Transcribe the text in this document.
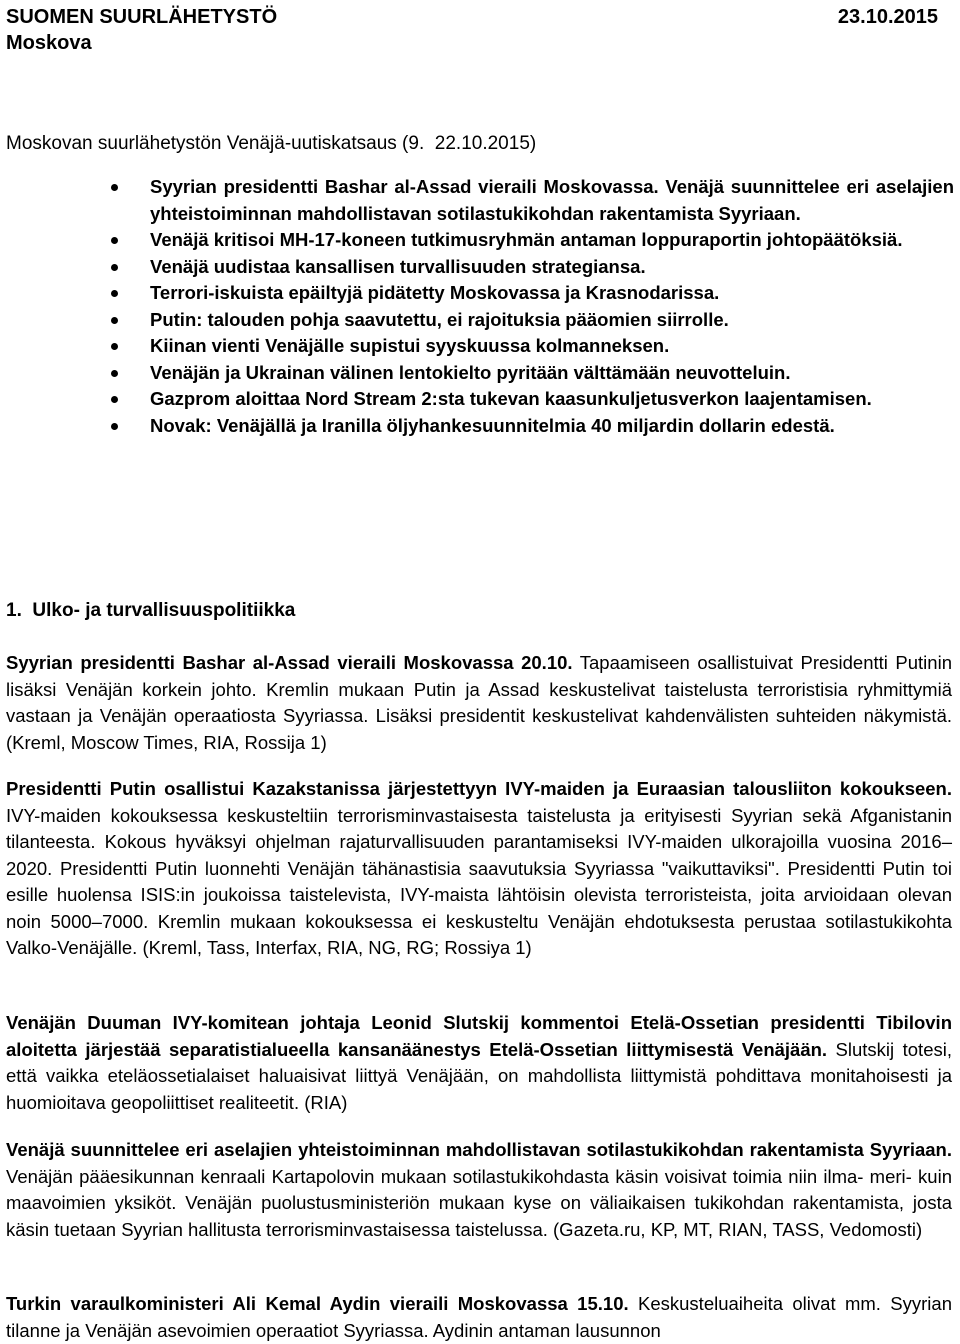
SUOMEN SUURLÄHETYSTÖ
Moskova
23.10.2015
Moskovan suurlähetystön Venäjä-uutiskatsaus (9.  22.10.2015)
Syyrian presidentti Bashar al-Assad vieraili Moskovassa. Venäjä suunnittelee eri aselajien yhteistoiminnan mahdollistavan sotilastukikohdan rakentamista Syyriaan.
Venäjä kritisoi MH-17-koneen tutkimusryhmän antaman loppuraportin johtopäätöksiä.
Venäjä uudistaa kansallisen turvallisuuden strategiansa.
Terrori-iskuista epäiltyjä pidätetty Moskovassa ja Krasnodarissa.
Putin: talouden pohja saavutettu, ei rajoituksia pääomien siirrolle.
Kiinan vienti Venäjälle supistui syyskuussa kolmanneksen.
Venäjän ja Ukrainan välinen lentokielto pyritään välttämään neuvotteluin.
Gazprom aloittaa Nord Stream 2:sta tukevan kaasunkuljetusverkon laajentamisen.
Novak: Venäjällä ja Iranilla öljyhankesuunnitelmia 40 miljardin dollarin edestä.
1. Ulko- ja turvallisuuspolitiikka

Syyrian presidentti Bashar al-Assad vieraili Moskovassa 20.10. Tapaamiseen osallistuivat Presidentti Putinin lisäksi Venäjän korkein johto. Kremlin mukaan Putin ja Assad keskustelivat taistelusta terroristisia ryhmittymiä vastaan ja Venäjän operaatiosta Syyriassa. Lisäksi presidentit keskustelivat kahdenvälisten suhteiden näkymistä. (Kreml, Moscow Times, RIA, Rossija 1)

Presidentti Putin osallistui Kazakstanissa järjestettyyn IVY-maiden ja Euraasian talousliiton kokoukseen. IVY-maiden kokouksessa keskusteltiin terrorisminvastaisesta taistelusta ja erityisesti Syyrian sekä Afganistanin tilanteesta. Kokous hyväksyi ohjelman rajaturvallisuuden parantamiseksi IVY-maiden ulkorajoilla vuosina 2016–2020. Presidentti Putin luonnehti Venäjän tähänastisia saavutuksia Syyriassa "vaikuttaviksi". Presidentti Putin toi esille huolensa ISIS:in joukoissa taistelevista, IVY-maista lähtöisin olevista terroristeista, joita arvioidaan olevan noin 5000–7000. Kremlin mukaan kokouksessa ei keskusteltu Venäjän ehdotuksesta perustaa sotilastukikohta Valko-Venäjälle. (Kreml, Tass, Interfax, RIA, NG, RG; Rossiya 1)

Venäjän Duuman IVY-komitean johtaja Leonid Slutskij kommentoi Etelä-Ossetian presidentti Tibilovin aloitetta järjestää separatistialueella kansanäänestys Etelä-Ossetian liittymisestä Venäjään. Slutskij totesi, että vaikka eteläossetialaiset haluaisivat liittyä Venäjään, on mahdollista liittymistä pohdittava monitahoisesti ja huomioitava geopoliittiset realiteetit. (RIA)

Venäjä suunnittelee eri aselajien yhteistoiminnan mahdollistavan sotilastukikohdan rakentamista Syyriaan. Venäjän pääesikunnan kenraali Kartapolovin mukaan sotilastukikohdasta käsin voisivat toimia niin ilma- meri- kuin maavoimien yksiköt. Venäjän puolustusministeriön mukaan kyse on väliaikaisen tukikohdan rakentamista, josta käsin tuetaan Syyrian hallitusta terrorisminvastaisessa taistelussa. (Gazeta.ru, KP, MT, RIAN, TASS, Vedomosti)

Turkin varaulkoministeri Ali Kemal Aydin vieraili Moskovassa 15.10. Keskusteluaiheita olivat mm. Syyrian tilanne ja Venäjän asevoimien operaatiot Syyriassa. Aydinin antaman lausunnon
